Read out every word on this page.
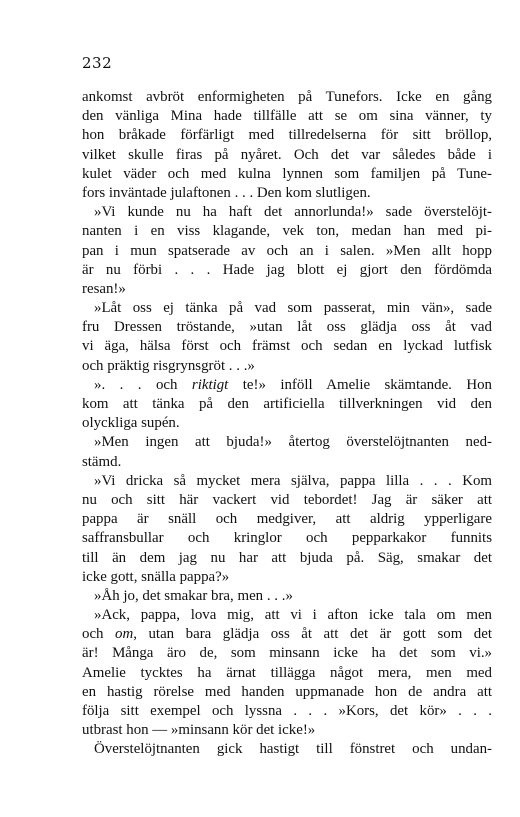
232
ankomst avbröt enformigheten på Tunefors. Icke en gång
den vänliga Mina hade tillfälle att se om sina vänner, ty
hon bråkade förfärligt med tillredelserna för sitt bröllop,
vilket skulle firas på nyåret. Och det var således både i
kulet väder och med kulna lynnen som familjen på Tune-
fors inväntade julaftonen . . . Den kom slutligen.
»Vi kunde nu ha haft det annorlunda!» sade överstelöjt-
nanten i en viss klagande, vek ton, medan han med pi-
pan i mun spatserade av och an i salen. »Men allt hopp
är nu förbi . . . Hade jag blott ej gjort den fördömda
resan!»
»Låt oss ej tänka på vad som passerat, min vän», sade
fru Dressen tröstande, »utan låt oss glädja oss åt vad
vi äga, hälsa först och främst och sedan en lyckad lutfisk
och präktig risgrynsgröt . . .»
». . . och riktigt te!» inföll Amelie skämtande. Hon
kom att tänka på den artificiella tillverkningen vid den
olyckliga supén.
»Men ingen att bjuda!» återtog överstelöjtnanten ned-
stämd.
»Vi dricka så mycket mera själva, pappa lilla . . . Kom
nu och sitt här vackert vid tebordet! Jag är säker att
pappa är snäll och medgiver, att aldrig ypperligare
saffransbullar och kringlor och pepparkakor funnits
till än dem jag nu har att bjuda på. Säg, smakar det
icke gott, snälla pappa?»
»Åh jo, det smakar bra, men . . .»
»Ack, pappa, lova mig, att vi i afton icke tala om men
och om, utan bara glädja oss åt att det är gott som det
är! Många äro de, som minsann icke ha det som vi.»
Amelie tycktes ha ärnat tillägga något mera, men med
en hastig rörelse med handen uppmanade hon de andra att
följa sitt exempel och lyssna . . . »Kors, det kör» . . .
utbrast hon — »minsann kör det icke!»
Överstelöjtnanten gick hastigt till fönstret och undan-
